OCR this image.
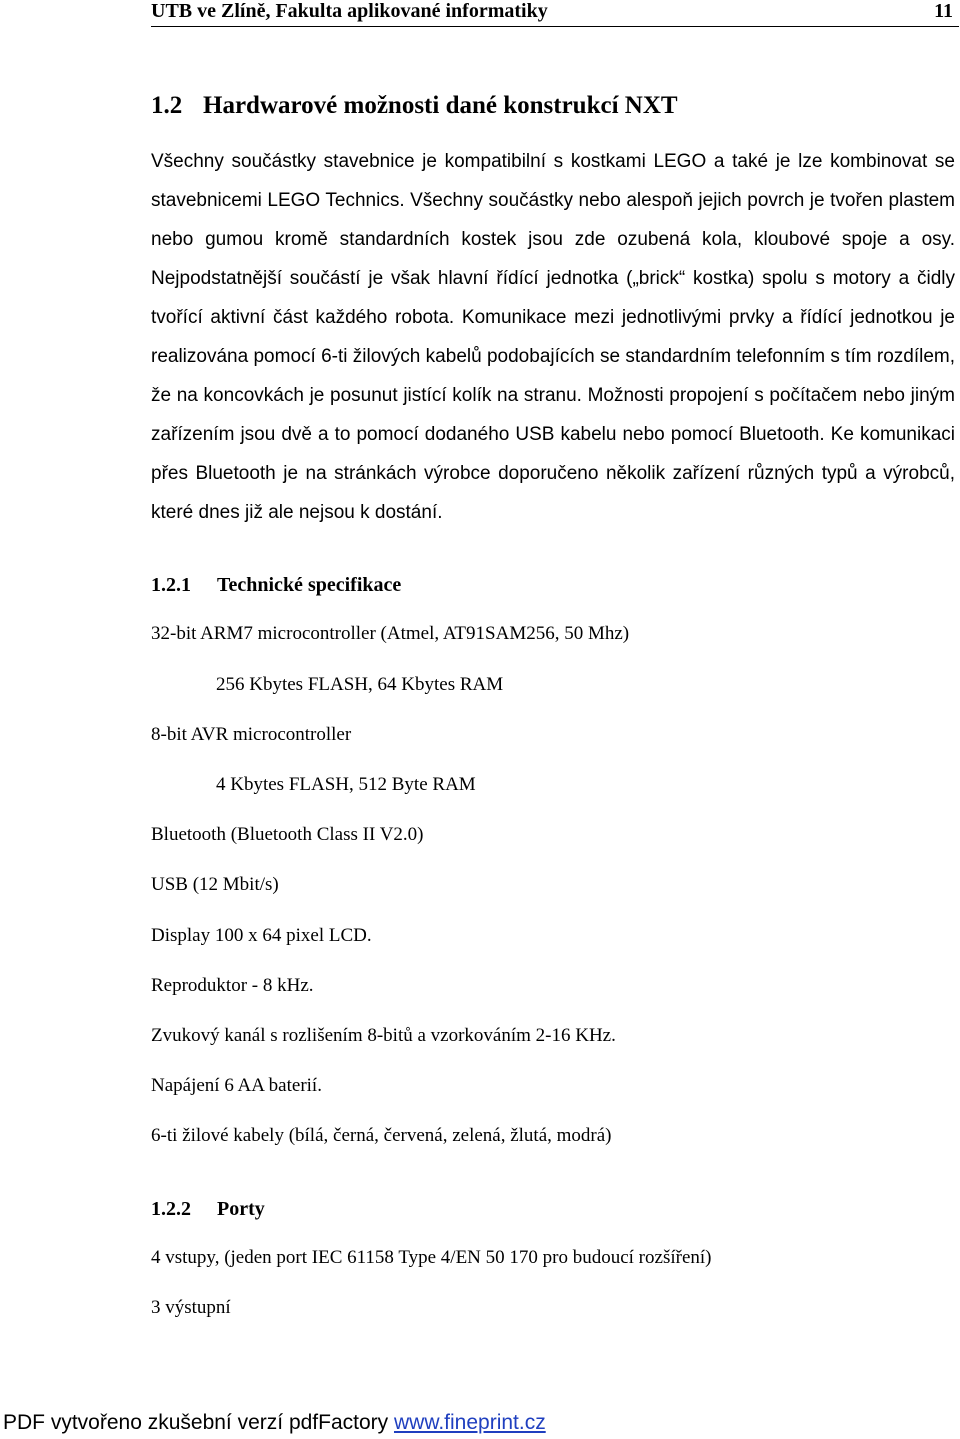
UTB ve Zlíně, Fakulta aplikované informatiky	11
1.2 Hardwarové možnosti dané konstrukcí NXT
Všechny součástky stavebnice je kompatibilní s kostkami LEGO a také je lze kombinovat se stavebnicemi LEGO Technics. Všechny součástky nebo alespoň jejich povrch je tvořen plastem nebo gumou kromě standardních kostek jsou zde ozubená kola, kloubové spoje a osy. Nejpodstatnější součástí je však hlavní řídící jednotka („brick“ kostka) spolu s motory a čidly tvořící aktivní část každého robota. Komunikace mezi jednotlivými prvky a řídící jednotkou je realizována pomocí 6-ti žilových kabelů podobajících se standardním telefonním s tím rozdílem, že na koncovkách je posunut jistící kolík na stranu. Možnosti propojení s počítačem nebo jiným zařízením jsou dvě a to pomocí dodaného USB kabelu nebo pomocí Bluetooth. Ke komunikaci přes Bluetooth je na stránkách výrobce doporučeno několik zařízení různých typů a výrobců, které dnes již ale nejsou k dostání.
1.2.1 Technické specifikace
32-bit ARM7 microcontroller (Atmel, AT91SAM256, 50 Mhz)
256 Kbytes FLASH, 64 Kbytes RAM
8-bit AVR microcontroller
4 Kbytes FLASH, 512 Byte RAM
Bluetooth (Bluetooth Class II V2.0)
USB (12 Mbit/s)
Display 100 x 64 pixel LCD.
Reproduktor - 8 kHz.
Zvukový kanál s rozlišením 8-bitů a vzorkováním 2-16 KHz.
Napájení 6 AA baterií.
6-ti žilové kabely (bílá, černá, červená, zelená, žlutá, modrá)
1.2.2 Porty
4 vstupy, (jeden port IEC 61158 Type 4/EN 50 170 pro budoucí rozšíření)
3 výstupní
PDF vytvořeno zkušební verzí pdfFactory www.fineprint.cz
